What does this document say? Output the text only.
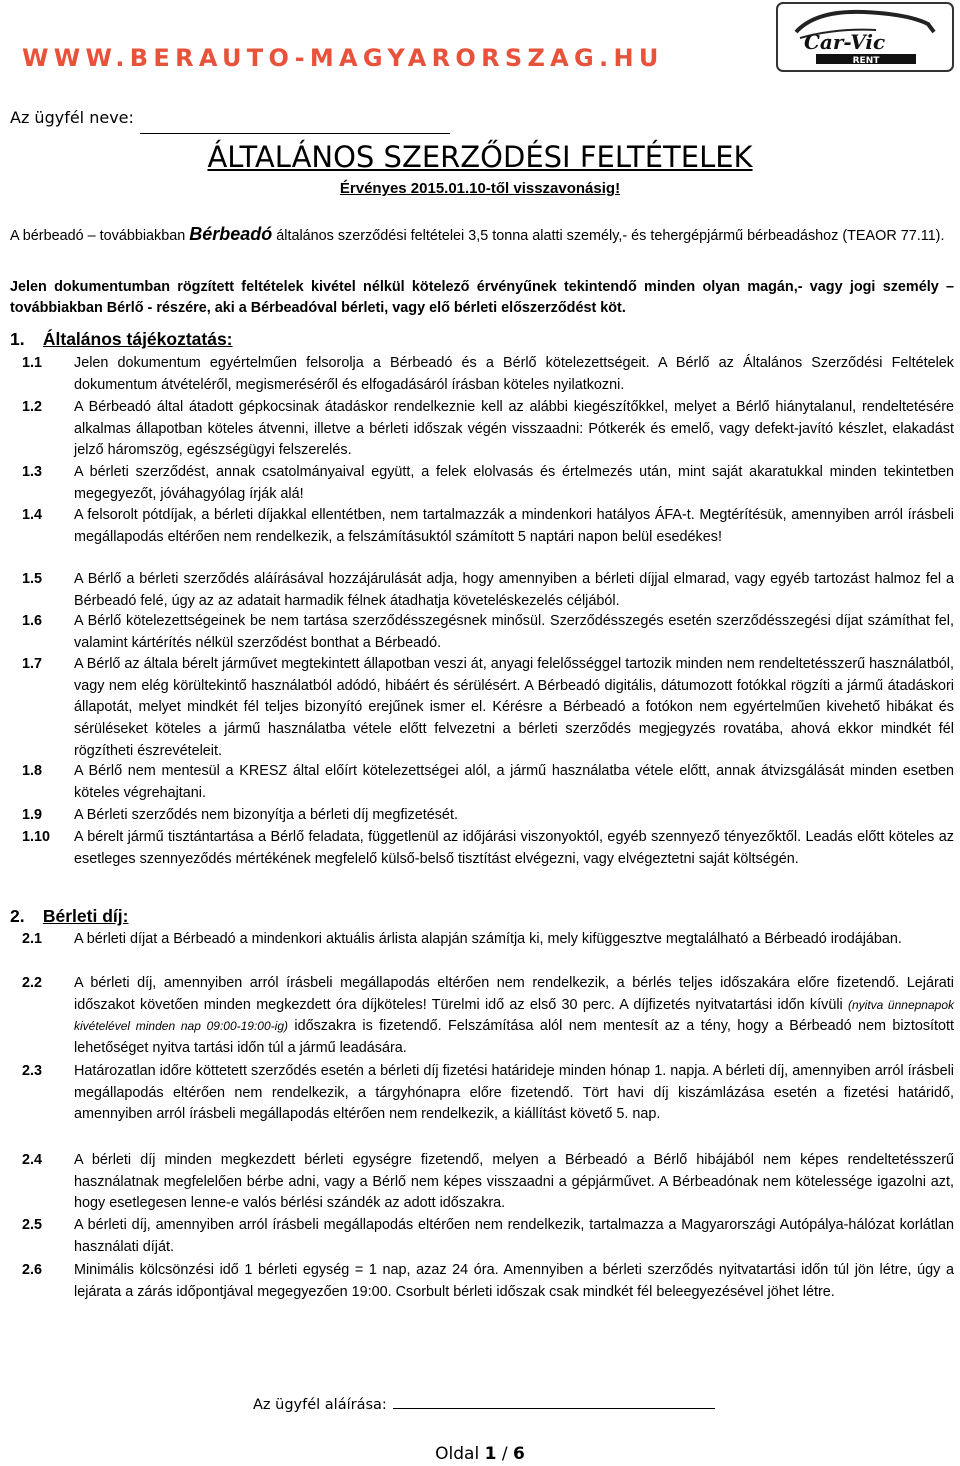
WWW.BERAUTO-MAGYARORSZAG.HU
Car-Vic
RENT
Az ügyfél neve:
ÁLTALÁNOS SZERZŐDÉSI FELTÉTELEK
Érvényes 2015.01.10-től visszavonásig!
A bérbeadó – továbbiakban Bérbeadó általános szerződési feltételei 3,5 tonna alatti személy,- és tehergépjármű bérbeadáshoz (TEAOR 77.11).
Jelen dokumentumban rögzített feltételek kivétel nélkül kötelező érvényűnek tekintendő minden olyan magán,- vagy jogi személy – továbbiakban Bérlő - részére, aki a Bérbeadóval bérleti, vagy elő bérleti előszerződést köt.
1. Általános tájékoztatás:
1.1 Jelen dokumentum egyértelműen felsorolja a Bérbeadó és a Bérlő kötelezettségeit. A Bérlő az Általános Szerződési Feltételek dokumentum átvételéről, megismeréséről és elfogadásáról írásban köteles nyilatkozni.
1.2 A Bérbeadó által átadott gépkocsinak átadáskor rendelkeznie kell az alábbi kiegészítőkkel, melyet a Bérlő hiánytalanul, rendeltetésére alkalmas állapotban köteles átvenni, illetve a bérleti időszak végén visszaadni: Pótkerék és emelő, vagy defekt-javító készlet, elakadást jelző háromszög, egészségügyi felszerelés.
1.3 A bérleti szerződést, annak csatolmányaival együtt, a felek elolvasás és értelmezés után, mint saját akaratukkal minden tekintetben megegyezőt, jóváhagyólag írják alá!
1.4 A felsorolt pótdíjak, a bérleti díjakkal ellentétben, nem tartalmazzák a mindenkori hatályos ÁFA-t. Megtérítésük, amennyiben arról írásbeli megállapodás eltérően nem rendelkezik, a felszámításuktól számított 5 naptári napon belül esedékes!
1.5 A Bérlő a bérleti szerződés aláírásával hozzájárulását adja, hogy amennyiben a bérleti díjjal elmarad, vagy egyéb tartozást halmoz fel a Bérbeadó felé, úgy az az adatait harmadik félnek átadhatja követeléskezelés céljából.
1.6 A Bérlő kötelezettségeinek be nem tartása szerződésszegésnek minősül. Szerződésszegés esetén szerződésszegési díjat számíthat fel, valamint kártérítés nélkül szerződést bonthat a Bérbeadó.
1.7 A Bérlő az általa bérelt járművet megtekintett állapotban veszi át, anyagi felelősséggel tartozik minden nem rendeltetésszerű használatból, vagy nem elég körültekintő használatból adódó, hibáért és sérülésért. A Bérbeadó digitális, dátumozott fotókkal rögzíti a jármű átadáskori állapotát, melyet mindkét fél teljes bizonyító erejűnek ismer el. Kérésre a Bérbeadó a fotókon nem egyértelműen kivehető hibákat és sérüléseket köteles a jármű használatba vétele előtt felvezetni a bérleti szerződés megjegyzés rovatába, ahová ekkor mindkét fél rögzítheti észrevételeit.
1.8 A Bérlő nem mentesül a KRESZ által előírt kötelezettségei alól, a jármű használatba vétele előtt, annak átvizsgálását minden esetben köteles végrehajtani.
1.9 A Bérleti szerződés nem bizonyítja a bérleti díj megfizetését.
1.10 A bérelt jármű tisztántartása a Bérlő feladata, függetlenül az időjárási viszonyoktól, egyéb szennyező tényezőktől. Leadás előtt köteles az esetleges szennyeződés mértékének megfelelő külső-belső tisztítást elvégezni, vagy elvégeztetni saját költségén.
2. Bérleti díj:
2.1 A bérleti díjat a Bérbeadó a mindenkori aktuális árlista alapján számítja ki, mely kifüggesztve megtalálható a Bérbeadó irodájában.
2.2 A bérleti díj, amennyiben arról írásbeli megállapodás eltérően nem rendelkezik, a bérlés teljes időszakára előre fizetendő. Lejárati időszakot követően minden megkezdett óra díjköteles! Türelmi idő az első 30 perc. A díjfizetés nyitvatartási időn kívüli (nyitva ünnepnapok kivételével minden nap 09:00-19:00-ig) időszakra is fizetendő. Felszámítása alól nem mentesít az a tény, hogy a Bérbeadó nem biztosított lehetőséget nyitva tartási időn túl a jármű leadására.
2.3 Határozatlan időre köttetett szerződés esetén a bérleti díj fizetési határideje minden hónap 1. napja. A bérleti díj, amennyiben arról írásbeli megállapodás eltérően nem rendelkezik, a tárgyhónapra előre fizetendő. Tört havi díj kiszámlázása esetén a fizetési határidő, amennyiben arról írásbeli megállapodás eltérően nem rendelkezik, a kiállítást követő 5. nap.
2.4 A bérleti díj minden megkezdett bérleti egységre fizetendő, melyen a Bérbeadó a Bérlő hibájából nem képes rendeltetésszerű használatnak megfelelően bérbe adni, vagy a Bérlő nem képes visszaadni a gépjárművet. A Bérbeadónak nem kötelessége igazolni azt, hogy esetlegesen lenne-e valós bérlési szándék az adott időszakra.
2.5 A bérleti díj, amennyiben arról írásbeli megállapodás eltérően nem rendelkezik, tartalmazza a Magyarországi Autópálya-hálózat korlátlan használati díját.
2.6 Minimális kölcsönzési idő 1 bérleti egység = 1 nap, azaz 24 óra. Amennyiben a bérleti szerződés nyitvatartási időn túl jön létre, úgy a lejárata a zárás időpontjával megegyezően 19:00. Csorbult bérleti időszak csak mindkét fél beleegyezésével jöhet létre.
Az ügyfél aláírása:
Oldal 1 / 6
